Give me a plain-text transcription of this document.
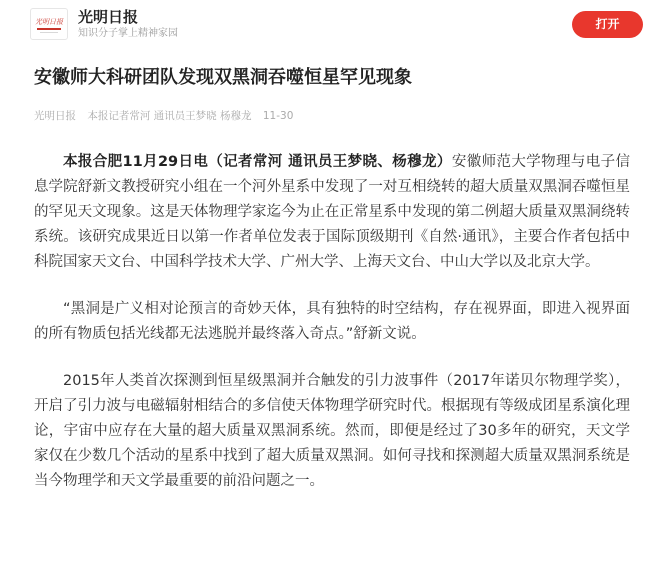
光明日报 光明日报
知识分子掌上精神家园
打开
安徽师大科研团队发现双黑洞吞噬恒星罕见现象
光明日报 本报记者常河 通讯员王梦晓 杨穆龙 11-30

本报合肥11月29日电（记者常河 通讯员王梦晓、杨穆龙）安徽师范大学物理与电子信息学院舒新文教授研究小组在一个河外星系中发现了一对互相绕转的超大质量双黑洞吞噬恒星的罕见天文现象。这是天体物理学家迄今为止在正常星系中发现的第二例超大质量双黑洞绕转系统。该研究成果近日以第一作者单位发表于国际顶级期刊《自然·通讯》，主要合作者包括中科院国家天文台、中国科学技术大学、广州大学、上海天文台、中山大学以及北京大学。

“黑洞是广义相对论预言的奇妙天体，具有独特的时空结构，存在视界面，即进入视界面的所有物质包括光线都无法逃脱并最终落入奇点。”舒新文说。

2015年人类首次探测到恒星级黑洞并合触发的引力波事件（2017年诺贝尔物理学奖），开启了引力波与电磁辐射相结合的多信使天体物理学研究时代。根据现有等级成团星系演化理论，宇宙中应存在大量的超大质量双黑洞系统。然而，即便是经过了30多年的研究，天文学家仅在少数几个活动的星系中找到了超大质量双黑洞。如何寻找和探测超大质量双黑洞系统是当今物理学和天文学最重要的前沿问题之一。
